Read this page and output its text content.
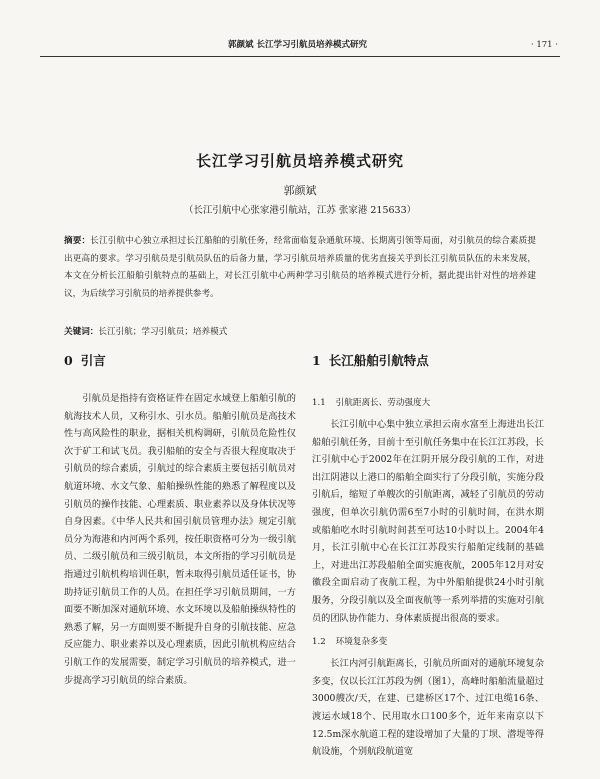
郭颜斌 长江学习引航员培养模式研究	· 171 ·
长江学习引航员培养模式研究
郭颜斌
（长江引航中心张家港引航站，江苏 张家港 215633）
摘要：长江引航中心独立承担过长江船舶的引航任务，经常面临复杂通航环境、长期离引领等局面，对引航员的综合素质提出更高的要求。学习引航员是引航员队伍的后备力量，学习引航员培养质量的优劣直接关乎到长江引航员队伍的未来发展，本文在分析长江船舶引航特点的基础上，对长江引航中心两种学习引航员的培养模式进行分析，据此提出针对性的培养建议，为后续学习引航员的培养提供参考。
关键词：长江引航；学习引航员；培养模式
0 引言

引航员是指持有资格证件在固定水域登上船舶引航的航海技术人员，又称引水、引水员。船舶引航员是高技术性与高风险性的职业，据相关机构调研，引航员危险性仅次于矿工和试飞员。我引船舶的安全与否很大程度取决于引航员的综合素质，引航过的综合素质主要包括引航员对航道环境、水文气象、船舶操纵性能的熟悉了解程度以及引航员的操作技能、心理素质、职业素养以及身体状况等自身因素。《中华人民共和国引航员管理办法》规定引航员分为海港和内河两个系列，按任职资格可分为一级引航员、二级引航员和三级引航员，本文所指的学习引航员是指通过引航机构培训任职，暂未取得引航员适任证书，协助持证引航员工作的人员。在担任学习引航员期间，一方面要不断加深对通航环境、水文环境以及船舶操纵特性的熟悉了解，另一方面则要不断提升自身的引航技能、应急反应能力、职业素养以及心理素质，因此引航机构应结合引航工作的发展需要，制定学习引航员的培养模式，进一步提高学习引航员的综合素质。

1 长江船舶引航特点
1.1 引航距离长、劳动强度大

长江引航中心集中独立承担云南水富至上海进出长江船舶引航任务，目前十至引航任务集中在长江江苏段，长江引航中心于2002年在江阴开展分段引航的工作，对进出江阴港以上港口的船舶全面实行了分段引航，实施分段引航后，缩短了单艘次的引航距离，减轻了引航员的劳动强度，但单次引航仍需6至7小时的引航时间，在洪水期或船舶吃水时引航时间甚至可达10小时以上。2004年4月，长江引航中心在长江江苏段实行船舶定线制的基础上，对进出江苏段船舶全面实施夜航，2005年12月对安徽段全面启动了夜航工程，为中外船舶提供24小时引航服务，分段引航以及全面夜航等一系列举措的实施对引航员的团队协作能力、身体素质提出很高的要求。

1.2 环境复杂多变

长江内河引航距离长，引航员所面对的通航环境复杂多变，仅以长江江苏段为例（图1），高峰时船舶流量超过3000艘次/天，在建、已建桥区17个、过江电缆16条、渡运水域18个、民用取水口100多个，近年来南京以下12.5m深水航道工程的建设增加了大量的丁坝、潜堤等得航设施，个别航段航道宽
